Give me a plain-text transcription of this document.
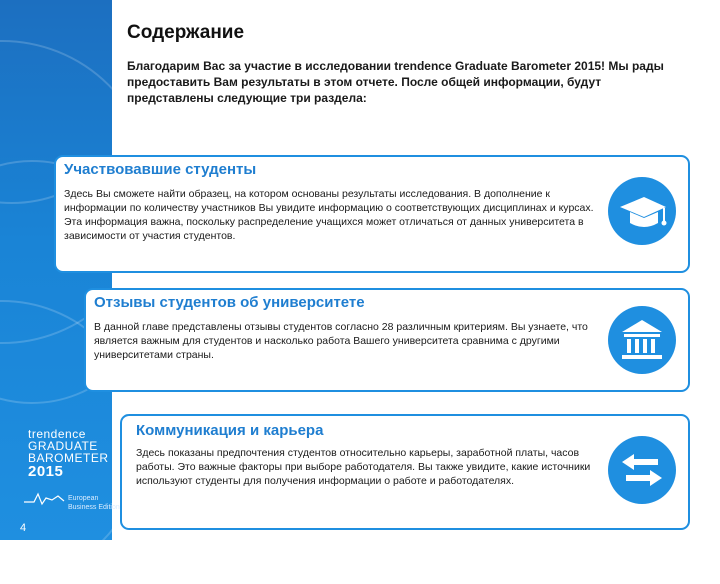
trendence
GRADUATE
BAROMETER
2015
European Business Edition
4
Содержание
Благодарим Вас за участие в исследовании trendence Graduate Barometer 2015! Мы рады предоставить Вам результаты в этом отчете. После общей информации, будут представлены следующие три раздела:
Участвовавшие студенты

Здесь Вы сможете найти образец, на котором основаны результаты исследования. В дополнение к информации по количеству участников Вы увидите информацию о соответствующих дисциплинах и курсах. Эта информация важна, поскольку распределение учащихся может отличаться от данных университета в зависимости от участия студентов.

Отзывы студентов об университете

В данной главе представлены отзывы студентов согласно 28 различным критериям. Вы узнаете, что является важным для студентов и насколько работа Вашего университета сравнима с другими университетами страны.

Коммуникация и карьера

Здесь показаны предпочтения студентов относительно карьеры, заработной платы, часов работы. Это важные факторы при выборе работодателя. Вы также увидите, какие источники используют студенты для получения информации о работе и работодателях.
